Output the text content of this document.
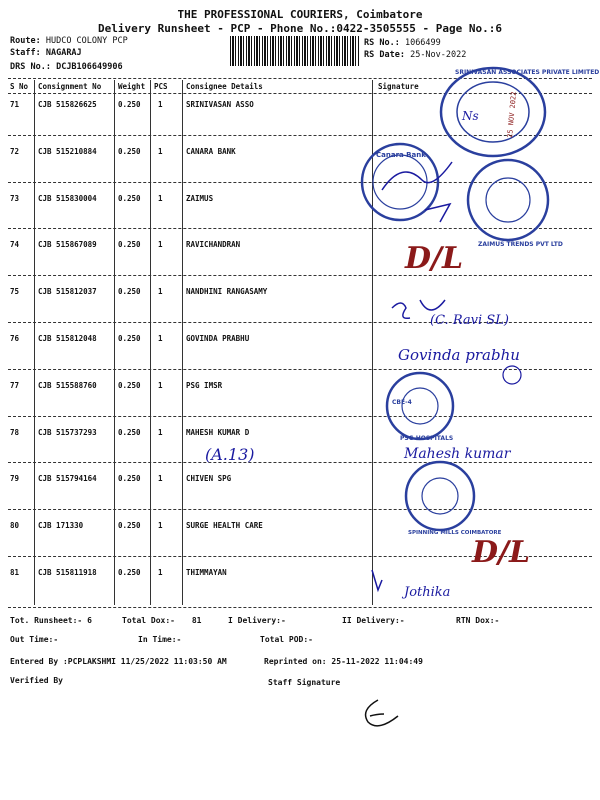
THE PROFESSIONAL COURIERS, Coimbatore
Delivery Runsheet - PCP - Phone No.:0422-3505555 - Page No.:6
Route: HUDCO COLONY PCP
Staff: NAGARAJ
DRS No.: DCJB106649906
RS No.: 1066499
RS Date: 25-Nov-2022
S No Consignment No Weight PCS Consignee Details	Signature
71	CJB 515826625	0.250 1	SRINIVASAN ASSO
72	CJB 515210884	0.250 1	CANARA BANK
73	CJB 515830004	0.250 1	ZAIMUS
74	CJB 515867089	0.250 1	RAVICHANDRAN
75	CJB 515812037	0.250 1	NANDHINI RANGASAMY
76	CJB 515812048	0.250 1	GOVINDA PRABHU
77	CJB 515588760	0.250 1	PSG IMSR
78	CJB 515737293	0.250 1	MAHESH KUMAR D
79	CJB 515794164	0.250 1	CHIVEN SPG
80	CJB 171330	0.250 1	SURGE HEALTH CARE
81	CJB 515811918	0.250 1	THIMMAYAN
Tot. Runsheet:- 6	Total Dox:- 81	I Delivery:-	II Delivery:-	RTN Dox:-
Out Time:-	In Time:-	Total POD:-
Entered By :PCPLAKSHMI 11/25/2022 11:03:50 AM	Reprinted on: 25-11-2022 11:04:49
Verified By	Staff Signature
SRINIVASAN ASSOCIATES PRIVATE LIMITED
25 NOV 2022
Ns
Canara Bank
ZAIMUS TRENDS PVT LTD
D/L
(C. Ravi SL)
Govinda prabhu
PSG HOSPITALS
CBE-4
(A.13)	Mahesh kumar
SPINNING MILLS COIMBATORE
D/L
Jothika
